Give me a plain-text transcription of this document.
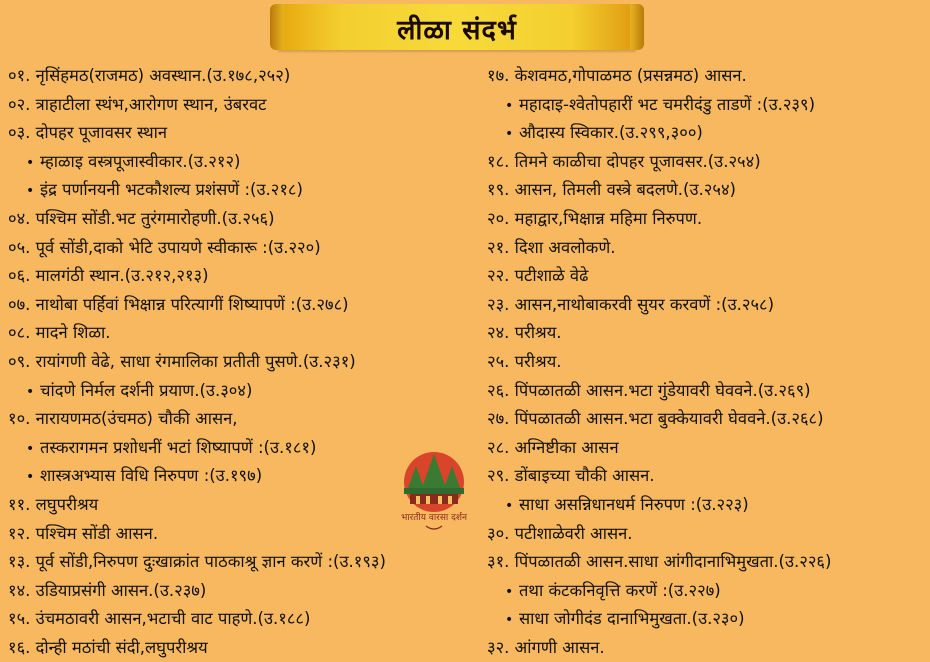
लीळा संदर्भ
०१. नृसिंहमठ(राजमठ) अवस्थान.(उ.१७८,२५२)
०२. त्राहाटीला स्थंभ,आरोगण स्थान, उंबरवट
०३. दोपहर पूजावसर स्थान
• म्हाळाइ वस्त्रपूजास्वीकार.(उ.२१२)
• इंद्र पर्णानयनी भटकौशल्य प्रशंसणें :(उ.२१८)
०४. पश्चिम सोंडी.भट तुरंगमारोहणी.(उ.२५६)
०५. पूर्व सोंडी,दाको भेटि उपायणे स्वीकारू :(उ.२२०)
०६. मालगंठी स्थान.(उ.२१२,२१३)
०७. नाथोबा पर्हिवां भिक्षान्न परित्यागीं शिष्यापणें :(उ.२७८)
०८. मादने शिळा.
०९. रायांगणी वेढे, साधा रंगमालिका प्रतीती पुसणे.(उ.२३१)
• चांदणे निर्मल दर्शनी प्रयाण.(उ.३०४)
१०. नारायणमठ(उंचमठ) चौकी आसन,
• तस्करागमन प्रशोधनीं भटां शिष्यापणें :(उ.१८१)
• शास्त्रअभ्यास विधि निरुपण :(उ.१९७)
११. लघुपरीश्रय
१२. पश्चिम सोंडी आसन.
१३. पूर्व सोंडी,निरुपण दुःखाक्रांत पाठकाश्रू ज्ञान करणें :(उ.१९३)
१४. उडियाप्रसंगी आसन.(उ.२३७)
१५. उंचमठावरी आसन,भटाची वाट पाहणे.(उ.१८८)
१६. दोन्ही मठांची संदी,लघुपरीश्रय
१७. केशवमठ,गोपाळमठ (प्रसन्नमठ) आसन.
• महादाइ-श्वेतोपहारीं भट चमरीदंडु ताडणें :(उ.२३९)
• औदास्य स्विकार.(उ.२९९,३००)
१८. तिमने काळीचा दोपहर पूजावसर.(उ.२५४)
१९. आसन, तिमली वस्त्रे बदलणे.(उ.२५४)
२०. महाद्वार,भिक्षान्न महिमा निरुपण.
२१. दिशा अवलोकणे.
२२. पटीशाळे वेढे
२३. आसन,नाथोबाकरवी सुयर करवणें :(उ.२५८)
२४. परीश्रय.
२५. परीश्रय.
२६. पिंपळातळी आसन.भटा गुंडेयावरी घेववने.(उ.२६९)
२७. पिंपळातळी आसन.भटा बुक्केयावरी घेववने.(उ.२६८)
२८. अग्निष्टीका आसन
२९. डोंबाइच्या चौकी आसन.
• साधा असन्निधानधर्म निरुपण :(उ.२२३)
३०. पटीशाळेवरी आसन.
३१. पिंपळातळी आसन.साधा आंगीदानाभिमुखता.(उ.२२६)
• तथा कंटकनिवृत्ति करणें :(उ.२२७)
• साधा जोगीदंड दानाभिमुखता.(उ.२३०)
३२. आंगणी आसन.
भारतीय वारसा दर्शन
